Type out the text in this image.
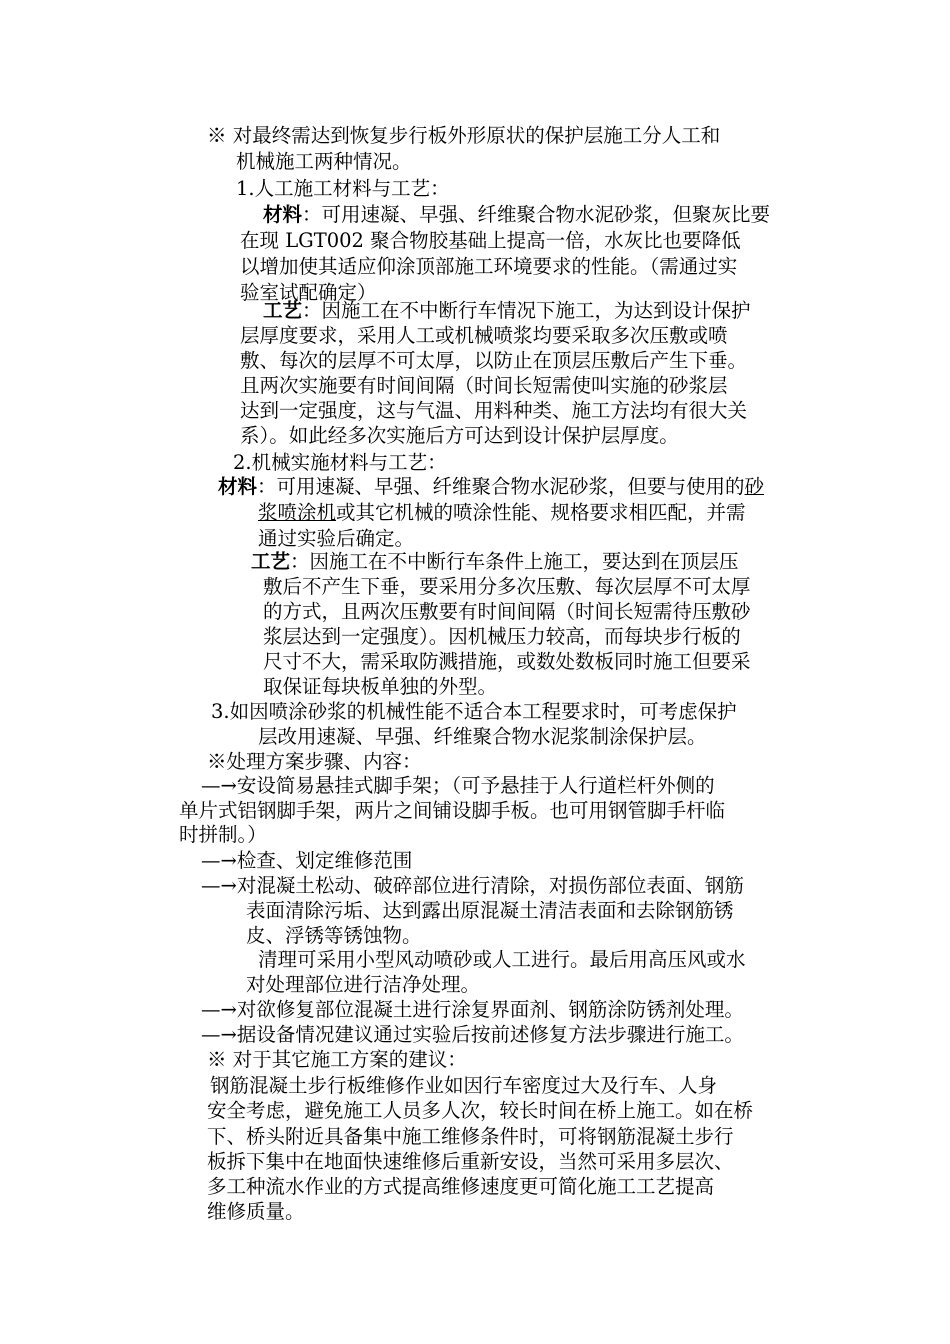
※ 对最终需达到恢复步行板外形原状的保护层施工分人工和
机械施工两种情况。
1.人工施工材料与工艺：
材料：可用速凝、早强、纤维聚合物水泥砂浆，但聚灰比要
在现 LGT002 聚合物胶基础上提高一倍，水灰比也要降低
以增加使其适应仰涂顶部施工环境要求的性能。（需通过实
验室试配确定）
工艺：因施工在不中断行车情况下施工，为达到设计保护
层厚度要求，采用人工或机械喷浆均要采取多次压敷或喷
敷、每次的层厚不可太厚，以防止在顶层压敷后产生下垂。
且两次实施要有时间间隔（时间长短需使叫实施的砂浆层
达到一定强度，这与气温、用料种类、施工方法均有很大关
系）。如此经多次实施后方可达到设计保护层厚度。
2.机械实施材料与工艺：
材料：可用速凝、早强、纤维聚合物水泥砂浆，但要与使用的砂
浆喷涂机或其它机械的喷涂性能、规格要求相匹配，并需
通过实验后确定。
工艺：因施工在不中断行车条件上施工，要达到在顶层压
敷后不产生下垂，要采用分多次压敷、每次层厚不可太厚
的方式，且两次压敷要有时间间隔（时间长短需待压敷砂
浆层达到一定强度）。因机械压力较高，而每块步行板的
尺寸不大，需采取防溅措施，或数处数板同时施工但要采
取保证每块板单独的外型。
3.如因喷涂砂浆的机械性能不适合本工程要求时，可考虑保护
层改用速凝、早强、纤维聚合物水泥浆制涂保护层。
※处理方案步骤、内容：
—→安设简易悬挂式脚手架；（可予悬挂于人行道栏杆外侧的
单片式铝钢脚手架，两片之间铺设脚手板。也可用钢管脚手杆临
时拼制。）
—→检查、划定维修范围
—→对混凝土松动、破碎部位进行清除，对损伤部位表面、钢筋
表面清除污垢、达到露出原混凝土清洁表面和去除钢筋锈
皮、浮锈等锈蚀物。
清理可采用小型风动喷砂或人工进行。最后用高压风或水
对处理部位进行洁净处理。
—→对欲修复部位混凝土进行涂复界面剂、钢筋涂防锈剂处理。
—→据设备情况建议通过实验后按前述修复方法步骤进行施工。
※ 对于其它施工方案的建议：
钢筋混凝土步行板维修作业如因行车密度过大及行车、人身
安全考虑，避免施工人员多人次，较长时间在桥上施工。如在桥
下、桥头附近具备集中施工维修条件时，可将钢筋混凝土步行
板拆下集中在地面快速维修后重新安设，当然可采用多层次、
多工种流水作业的方式提高维修速度更可简化施工工艺提高
维修质量。
